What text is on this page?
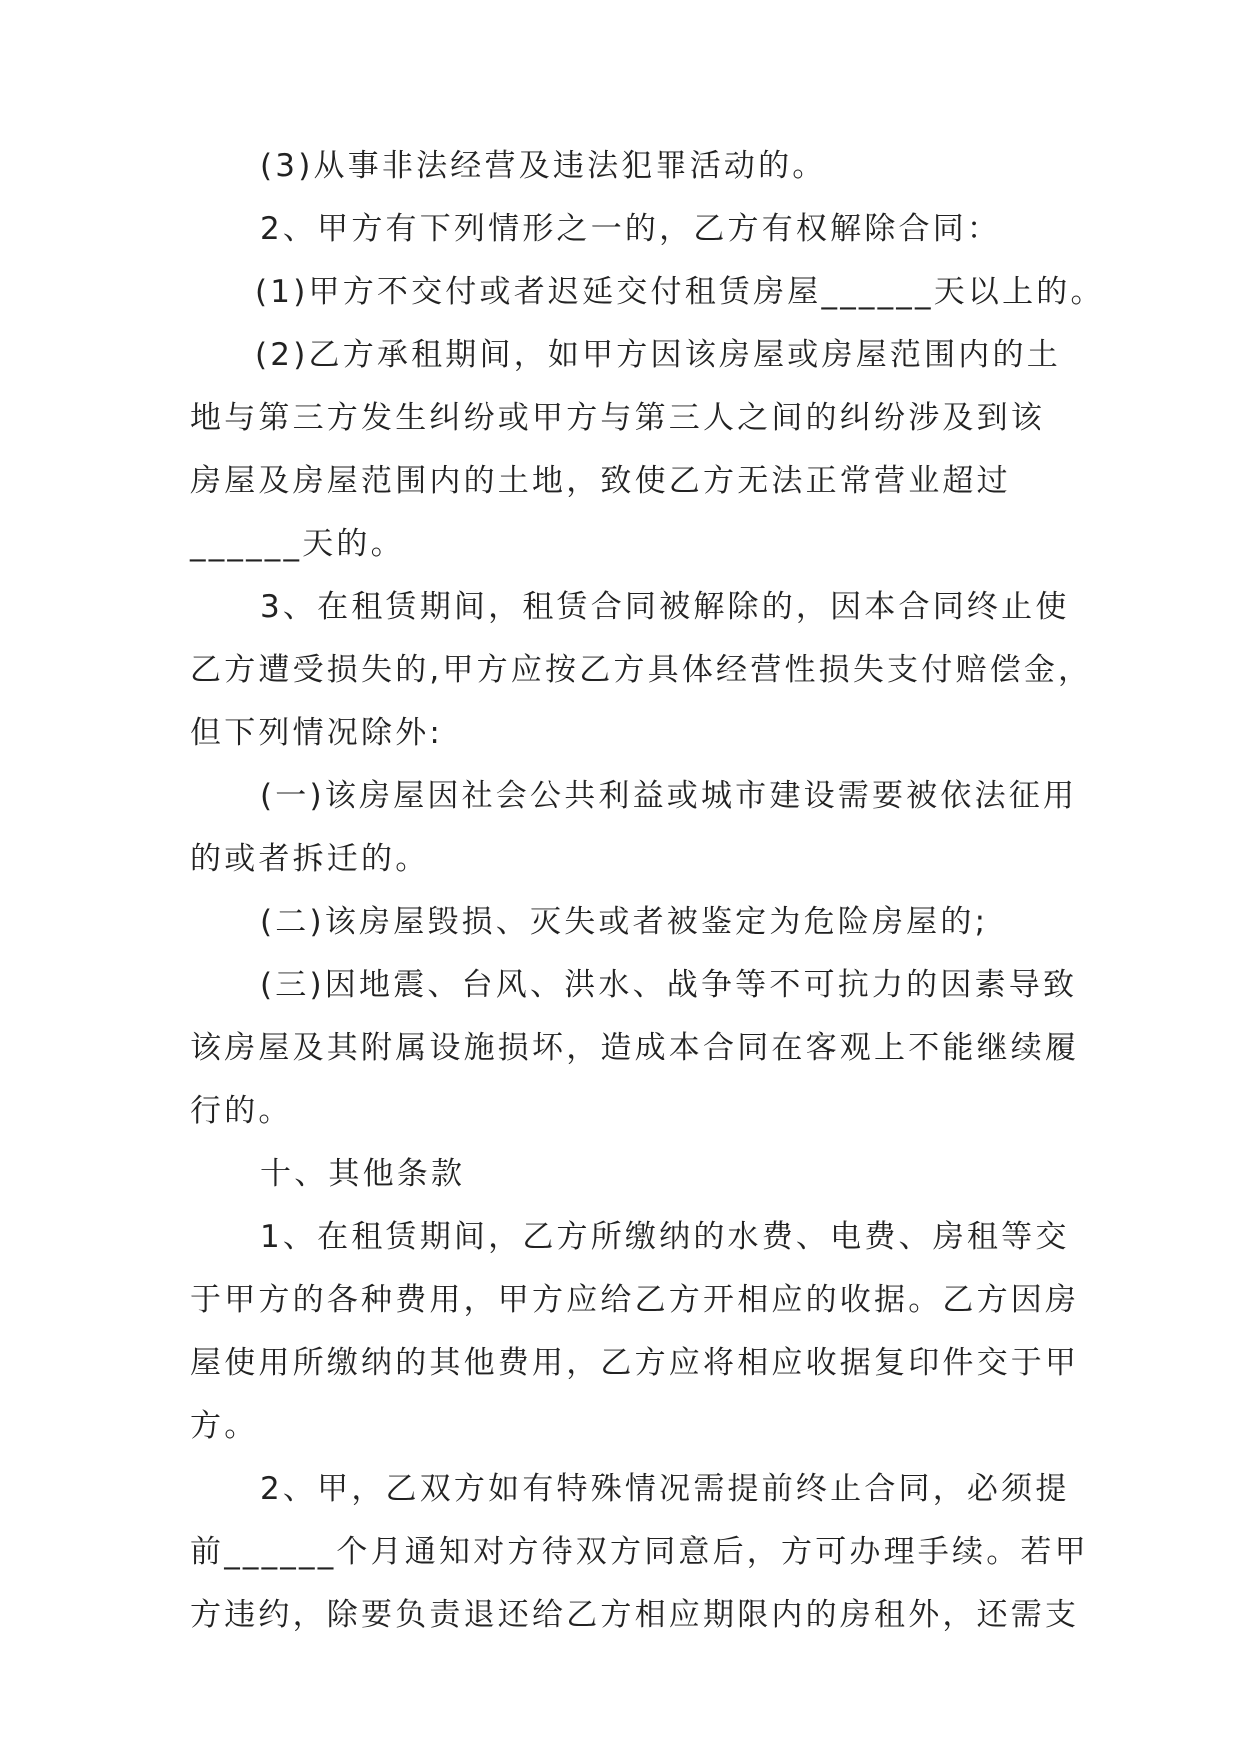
(3)从事非法经营及违法犯罪活动的。
2、甲方有下列情形之一的，乙方有权解除合同：
(1)甲方不交付或者迟延交付租赁房屋______天以上的。
(2)乙方承租期间，如甲方因该房屋或房屋范围内的土
地与第三方发生纠纷或甲方与第三人之间的纠纷涉及到该
房屋及房屋范围内的土地，致使乙方无法正常营业超过
______天的。
3、在租赁期间，租赁合同被解除的，因本合同终止使
乙方遭受损失的,甲方应按乙方具体经营性损失支付赔偿金，
但下列情况除外:
(一)该房屋因社会公共利益或城市建设需要被依法征用
的或者拆迁的。
(二)该房屋毁损、灭失或者被鉴定为危险房屋的;
(三)因地震、台风、洪水、战争等不可抗力的因素导致
该房屋及其附属设施损坏，造成本合同在客观上不能继续履
行的。
十、其他条款
1、在租赁期间，乙方所缴纳的水费、电费、房租等交
于甲方的各种费用，甲方应给乙方开相应的收据。乙方因房
屋使用所缴纳的其他费用，乙方应将相应收据复印件交于甲
方。
2、甲，乙双方如有特殊情况需提前终止合同，必须提
前______个月通知对方待双方同意后，方可办理手续。若甲
方违约，除要负责退还给乙方相应期限内的房租外，还需支
